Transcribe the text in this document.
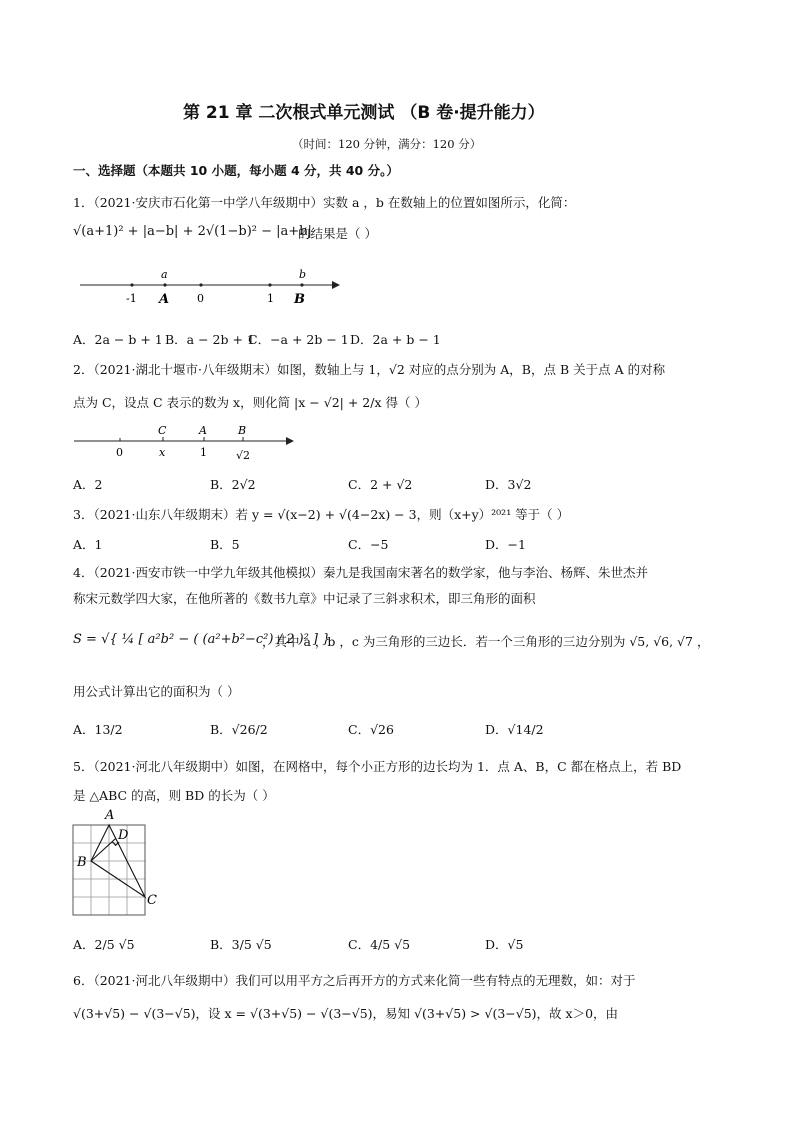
第 21 章 二次根式单元测试 （B 卷·提升能力）
（时间：120 分钟，满分：120 分）
一、选择题（本题共 10 小题，每小题 4 分，共 40 分。）
1．（2021·安庆市石化第一中学八年级期中）实数 a ，b 在数轴上的位置如图所示，化简：
√(a+1)² + |a−b| + 2√(1−b)² − |a+b|
的结果是（ ）
-1	0	1
a
A
b
B
A．2a − b + 1 B．a − 2b + 1
C．−a + 2b − 1 D．2a + b − 1
2．（2021·湖北十堰市·八年级期末）如图，数轴上与 1，√2 对应的点分别为 A，B，点 B 关于点 A 的对称
点为 C，设点 C 表示的数为 x，则化简 |x − √2| + 2/x 得（ ）
C	A	B
0	x	1	√2
A．2	B．2√2	C．2 + √2	D．3√2
3．（2021·山东八年级期末）若 y = √(x−2) + √(4−2x) − 3，则（x+y）²⁰²¹ 等于（ ）
A．1	B．5	C．−5	D．−1
4．（2021·西安市铁一中学九年级其他模拟）秦九是我国南宋著名的数学家，他与李治、杨辉、朱世杰并
称宋元数学四大家，在他所著的《数书九章》中记录了三斜求积术，即三角形的面积
S = √{ ¼ [ a²b² − ( (a²+b²−c²) / 2 )² ] }
，其中 a ，b ，c 为三角形的三边长．若一个三角形的三边分别为 √5, √6, √7 ，
用公式计算出它的面积为（ ）
A．13/2	B．√26/2	C．√26	D．√14/2
5．（2021·河北八年级期中）如图，在网格中，每个小正方形的边长均为 1．点 A、B，C 都在格点上，若 BD
是 △ABC 的高，则 BD 的长为（ ）
A
B
C
D
A．2/5 √5	B．3/5 √5	C．4/5 √5	D．√5
6．（2021·河北八年级期中）我们可以用平方之后再开方的方式来化简一些有特点的无理数，如：对于
√(3+√5) − √(3−√5)，设 x = √(3+√5) − √(3−√5)，易知 √(3+√5) > √(3−√5)，故 x＞0，由
